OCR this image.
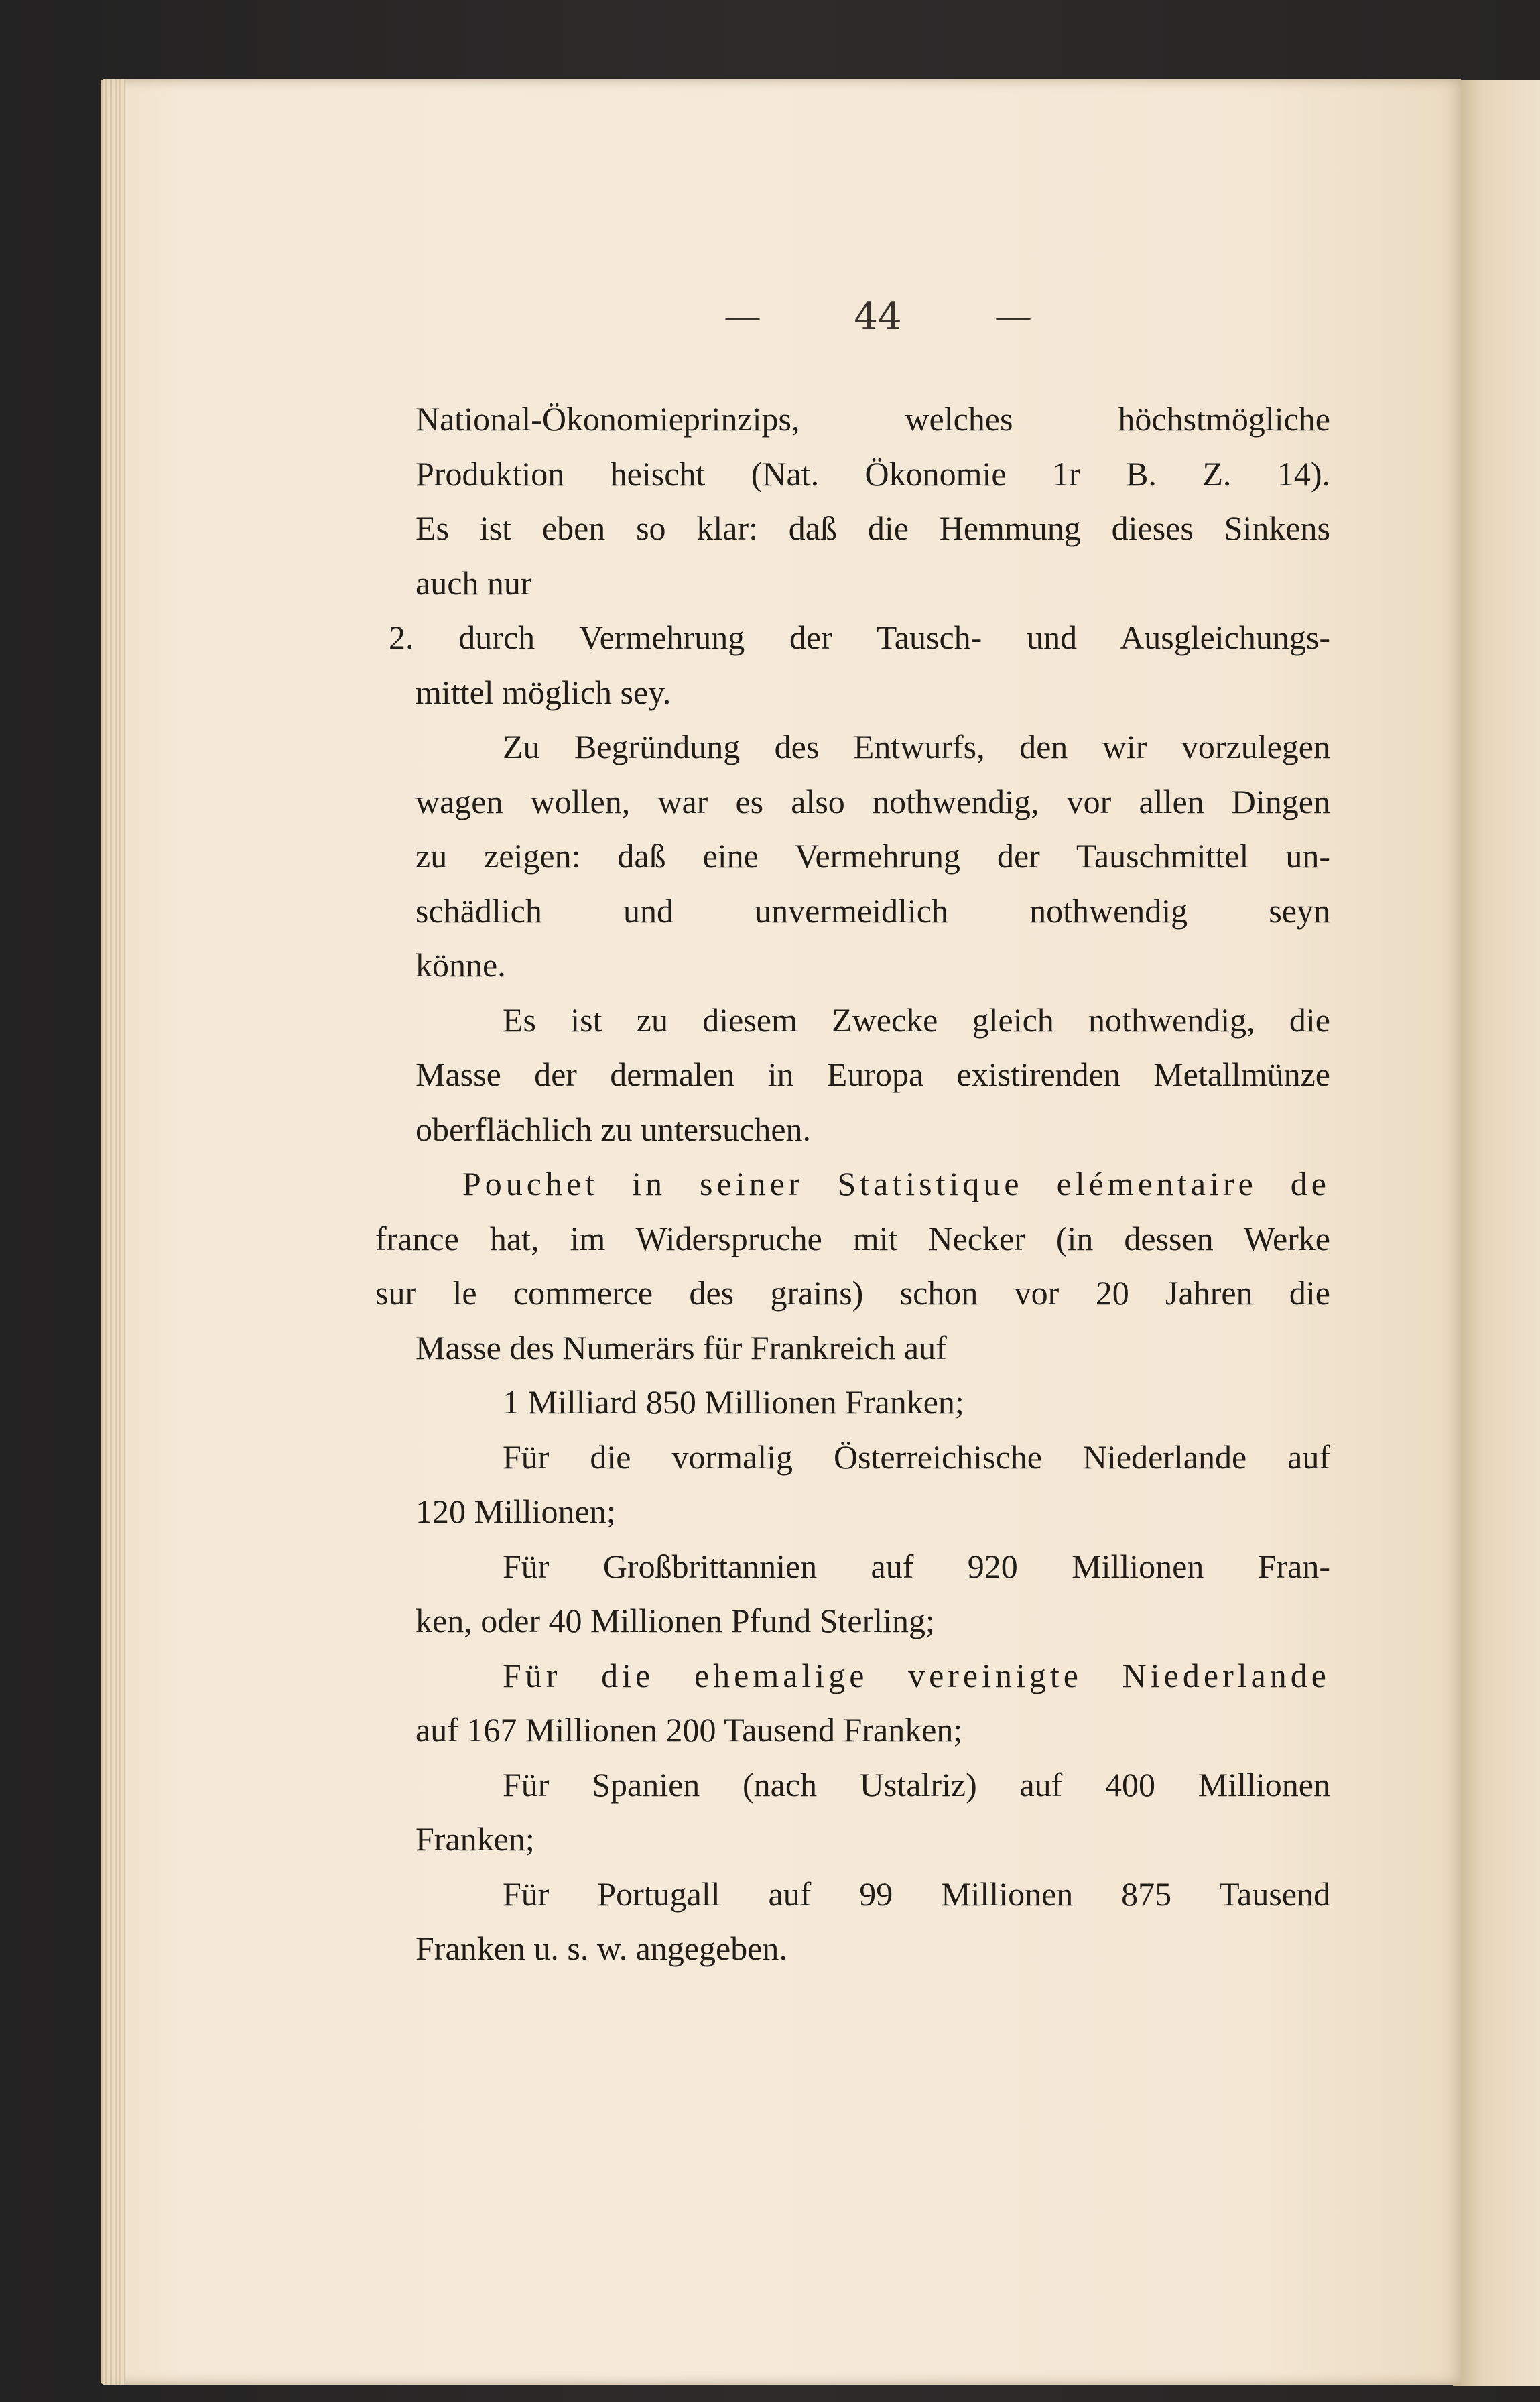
— 44 —
National-Ökonomieprinzips, welches höchstmögliche
Produktion heischt (Nat. Ökonomie 1r B. Z. 14).
Es ist eben so klar: daß die Hemmung dieses Sinkens
auch nur
2. durch Vermehrung der Tausch- und Ausgleichungs-
mittel möglich sey.
Zu Begründung des Entwurfs, den wir vorzulegen
wagen wollen, war es also nothwendig, vor allen Dingen
zu zeigen: daß eine Vermehrung der Tauschmittel un-
schädlich und unvermeidlich nothwendig seyn
könne.
Es ist zu diesem Zwecke gleich nothwendig, die
Masse der dermalen in Europa existirenden Metallmünze
oberflächlich zu untersuchen.
Pouchet in seiner Statistique elémentaire de
france hat, im Widerspruche mit Necker (in dessen Werke
sur le commerce des grains) schon vor 20 Jahren die
Masse des Numerärs für Frankreich auf
1 Milliard 850 Millionen Franken;
Für die vormalig Österreichische Niederlande auf
120 Millionen;
Für Großbrittannien auf 920 Millionen Fran-
ken, oder 40 Millionen Pfund Sterling;
Für die ehemalige vereinigte Niederlande
auf 167 Millionen 200 Tausend Franken;
Für Spanien (nach Ustalriz) auf 400 Millionen
Franken;
Für Portugall auf 99 Millionen 875 Tausend
Franken u. s. w. angegeben.
